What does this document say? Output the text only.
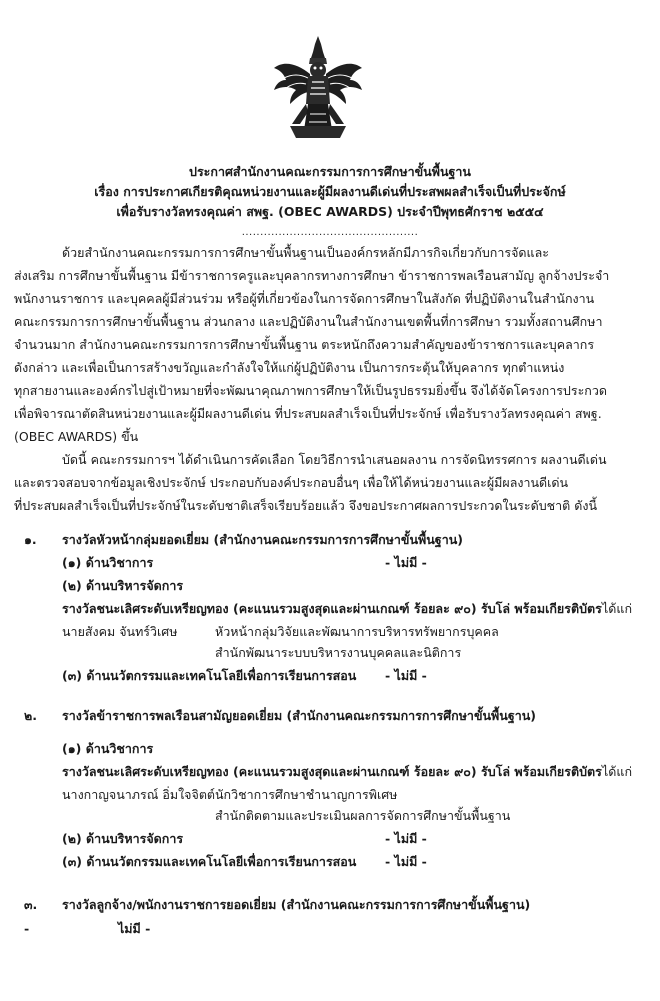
ประกาศสำนักงานคณะกรรมการการศึกษาขั้นพื้นฐาน
เรื่อง การประกาศเกียรติคุณหน่วยงานและผู้มีผลงานดีเด่นที่ประสพผลสำเร็จเป็นที่ประจักษ์
เพื่อรับรางวัลทรงคุณค่า สพฐ. (OBEC AWARDS) ประจำปีพุทธศักราช ๒๕๕๔
................................................
ด้วยสำนักงานคณะกรรมการการศึกษาขั้นพื้นฐานเป็นองค์กรหลักมีภารกิจเกี่ยวกับการจัดและ
ส่งเสริม การศึกษาขั้นพื้นฐาน มีข้าราชการครูและบุคลากรทางการศึกษา ข้าราชการพลเรือนสามัญ ลูกจ้างประจำ
พนักงานราชการ และบุคคลผู้มีส่วนร่วม หรือผู้ที่เกี่ยวข้องในการจัดการศึกษาในสังกัด ที่ปฏิบัติงานในสำนักงาน
คณะกรรมการการศึกษาขั้นพื้นฐาน ส่วนกลาง และปฏิบัติงานในสำนักงานเขตพื้นที่การศึกษา รวมทั้งสถานศึกษา
จำนวนมาก สำนักงานคณะกรรมการการศึกษาขั้นพื้นฐาน ตระหนักถึงความสำคัญของข้าราชการและบุคลากร
ดังกล่าว และเพื่อเป็นการสร้างขวัญและกำลังใจให้แก่ผู้ปฏิบัติงาน เป็นการกระตุ้นให้บุคลากร ทุกตำแหน่ง
ทุกสายงานและองค์กรไปสู่เป้าหมายที่จะพัฒนาคุณภาพการศึกษาให้เป็นรูปธรรมยิ่งขึ้น จึงได้จัดโครงการประกวด
เพื่อพิจารณาตัดสินหน่วยงานและผู้มีผลงานดีเด่น ที่ประสบผลสำเร็จเป็นที่ประจักษ์ เพื่อรับรางวัลทรงคุณค่า สพฐ.
(OBEC AWARDS) ขึ้น
บัดนี้ คณะกรรมการฯ ได้ดำเนินการคัดเลือก โดยวิธีการนำเสนอผลงาน การจัดนิทรรศการ ผลงานดีเด่น
และตรวจสอบจากข้อมูลเชิงประจักษ์ ประกอบกับองค์ประกอบอื่นๆ เพื่อให้ได้หน่วยงานและผู้มีผลงานดีเด่น
ที่ประสบผลสำเร็จเป็นที่ประจักษ์ในระดับชาติเสร็จเรียบร้อยแล้ว จึงขอประกาศผลการประกวดในระดับชาติ ดังนี้
๑. รางวัลหัวหน้ากลุ่มยอดเยี่ยม (สำนักงานคณะกรรมการการศึกษาขั้นพื้นฐาน)
(๑) ด้านวิชาการ	- ไม่มี -
(๒) ด้านบริหารจัดการ
รางวัลชนะเลิศระดับเหรียญทอง (คะแนนรวมสูงสุดและผ่านเกณฑ์ ร้อยละ ๙๐) รับโล่ พร้อมเกียรติบัตร ได้แก่
นายสังคม จันทร์วิเศษ	หัวหน้ากลุ่มวิจัยและพัฒนาการบริหารทรัพยากรบุคคล
สำนักพัฒนาระบบบริหารงานบุคคลและนิติการ
(๓) ด้านนวัตกรรมและเทคโนโลยีเพื่อการเรียนการสอน - ไม่มี -
๒. รางวัลข้าราชการพลเรือนสามัญยอดเยี่ยม (สำนักงานคณะกรรมการการศึกษาขั้นพื้นฐาน)
(๑) ด้านวิชาการ
รางวัลชนะเลิศระดับเหรียญทอง (คะแนนรวมสูงสุดและผ่านเกณฑ์ ร้อยละ ๙๐) รับโล่ พร้อมเกียรติบัตร ได้แก่
นางกาญจนาภรณ์ อิ่มใจจิตต์ นักวิชาการศึกษาชำนาญการพิเศษ
สำนักติดตามและประเมินผลการจัดการศึกษาขั้นพื้นฐาน
(๒) ด้านบริหารจัดการ	- ไม่มี -
(๓) ด้านนวัตกรรมและเทคโนโลยีเพื่อการเรียนการสอน - ไม่มี -
๓. รางวัลลูกจ้าง/พนักงานราชการยอดเยี่ยม (สำนักงานคณะกรรมการการศึกษาขั้นพื้นฐาน)
-	ไม่มี -
